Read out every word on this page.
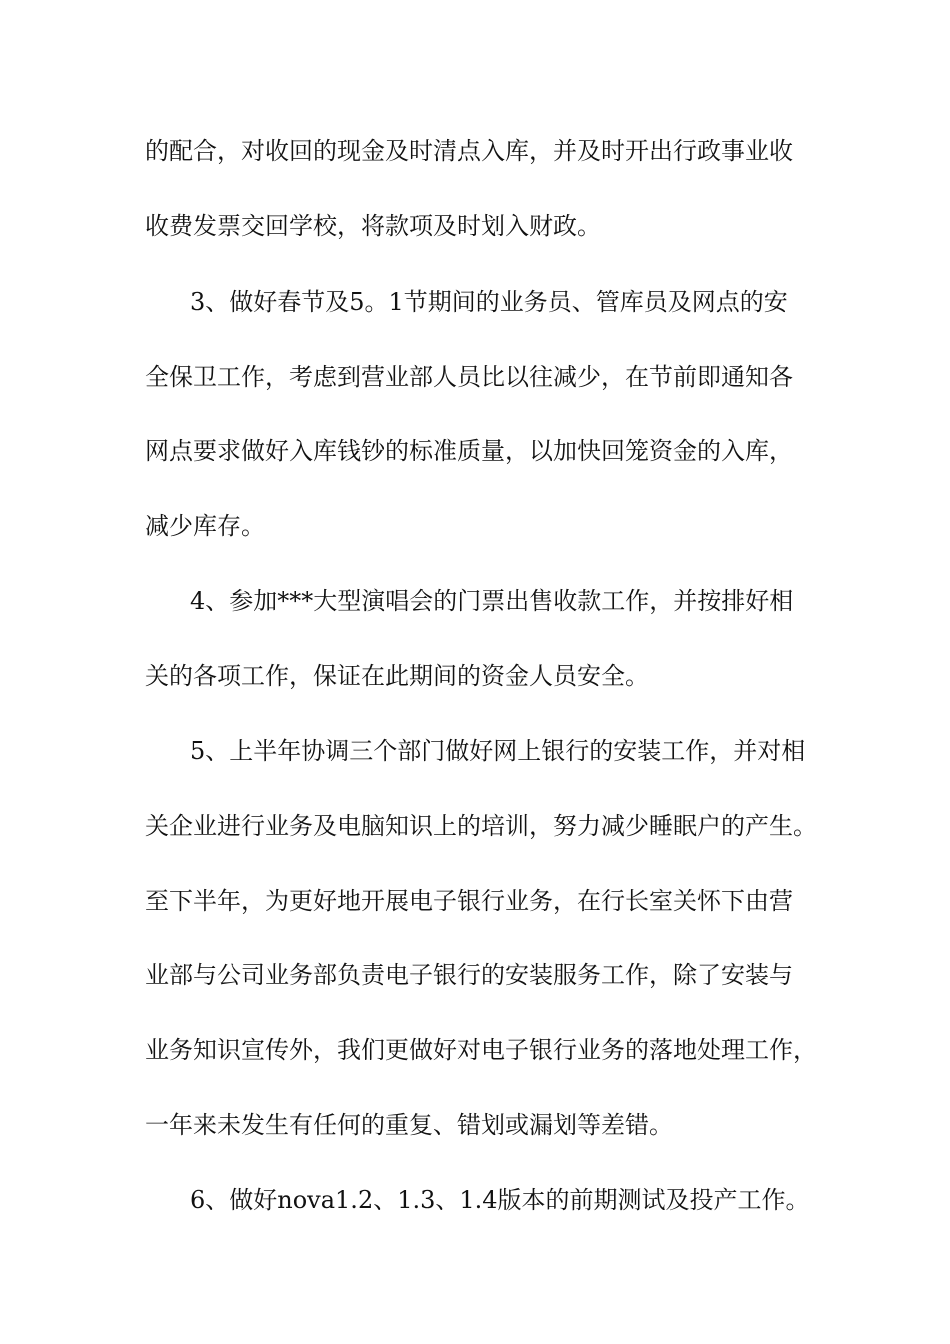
的配合，对收回的现金及时清点入库，并及时开出行政事业收
收费发票交回学校，将款项及时划入财政。
3、做好春节及5。1节期间的业务员、管库员及网点的安
全保卫工作，考虑到营业部人员比以往减少，在节前即通知各
网点要求做好入库钱钞的标准质量，以加快回笼资金的入库，
减少库存。
4、参加***大型演唱会的门票出售收款工作，并按排好相
关的各项工作，保证在此期间的资金人员安全。
5、上半年协调三个部门做好网上银行的安装工作，并对相
关企业进行业务及电脑知识上的培训，努力减少睡眠户的产生。
至下半年，为更好地开展电子银行业务，在行长室关怀下由营
业部与公司业务部负责电子银行的安装服务工作，除了安装与
业务知识宣传外，我们更做好对电子银行业务的落地处理工作，
一年来未发生有任何的重复、错划或漏划等差错。
6、做好nova1.2、1.3、1.4版本的前期测试及投产工作。
